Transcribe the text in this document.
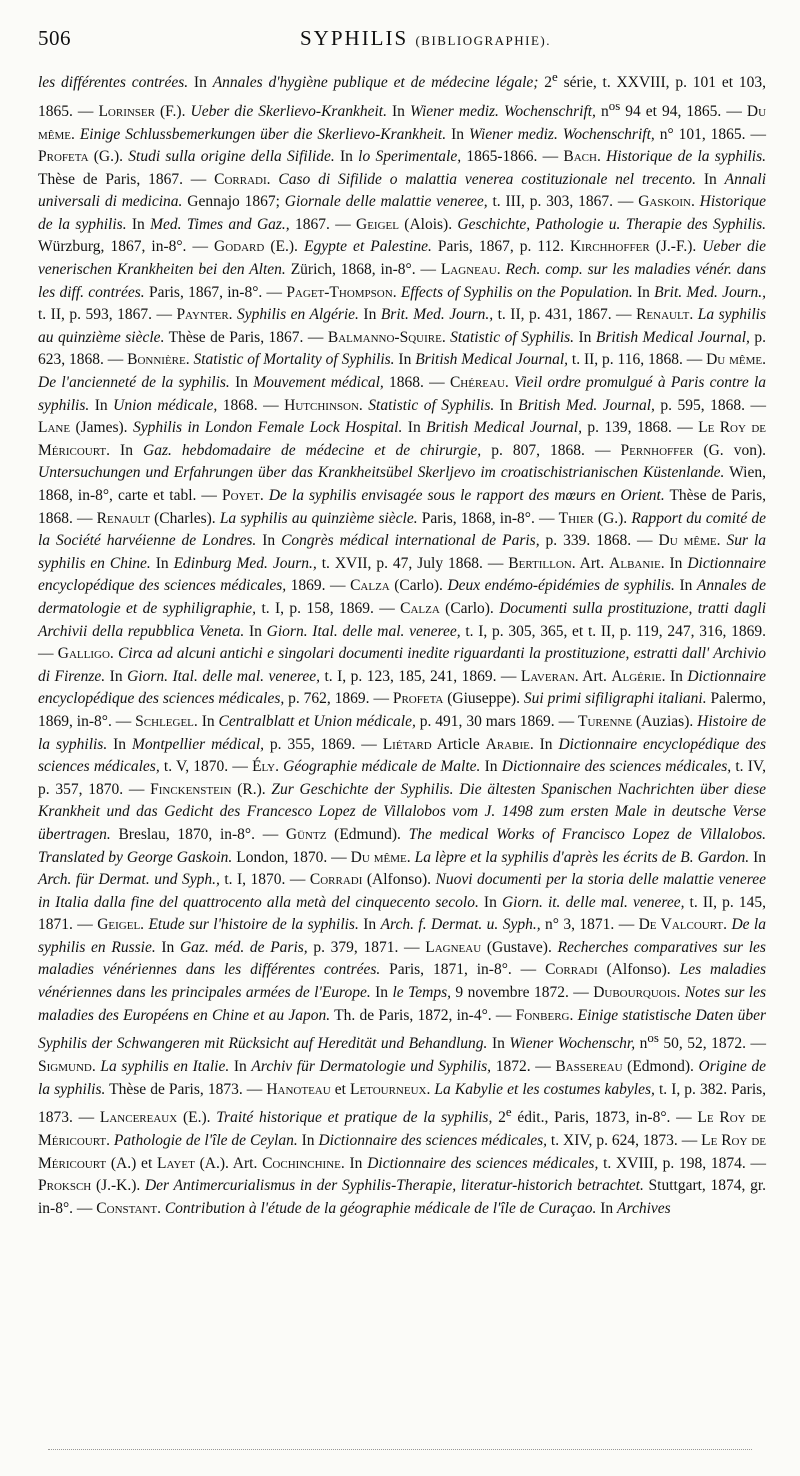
506	SYPHILIS (BIBLIOGRAPHIE).

les différentes contrées. In Annales d'hygiène publique et de médecine légale; 2e série, t. XXVIII, p. 101 et 103, 1865. — Lorinser (F.). Ueber die Skerlievo-Krankheit. In Wiener mediz. Wochenschrift, $n^{os}$ 94 et 94, 1865. — Du même. Einige Schlussbemerkungen über die Skerlievo-Krankheit. In Wiener mediz. Wochenschrift, n° 101, 1865. — Profeta (G.). Studi sulla origine della Sifilide. In lo Sperimentale, 1865-1866. — Bach. Historique de la syphilis. Thèse de Paris, 1867. — Corradi. Caso di Sifilide o malattia venerea costituzionale nel trecento. In Annali universali di medicina. Gennajo 1867; Giornale delle malattie veneree, t. III, p. 303, 1867. — Gaskoin. Historique de la syphilis. In Med. Times and Gaz., 1867. — Geigel (Alois). Geschichte, Pathologie u. Therapie des Syphilis. Würzburg, 1867, in-8°. — Godard (E.). Egypte et Palestine. Paris, 1867, p. 112. Kirchhoffer (J.-F.). Ueber die venerischen Krankheiten bei den Alten. Zürich, 1868, in-8°. — Lagneau. Rech. comp. sur les maladies vénér. dans les diff. contrées. Paris, 1867, in-8°. — Paget-Thompson. Effects of Syphilis on the Population. In Brit. Med. Journ., t. II, p. 593, 1867. — Paynter. Syphilis en Algérie. In Brit. Med. Journ., t. II, p. 431, 1867. — Renault. La syphilis au quinzième siècle. Thèse de Paris, 1867. — Balmanno-Squire. Statistic of Syphilis. In British Medical Journal, p. 623, 1868. — Bonnière. Statistic of Mortality of Syphilis. In British Medical Journal, t. II, p. 116, 1868. — Du même. De l'ancienneté de la syphilis. In Mouvement médical, 1868. — Chéreau. Vieil ordre promulgué à Paris contre la syphilis. In Union médicale, 1868. — Hutchinson. Statistic of Syphilis. In British Med. Journal, p. 595, 1868. — Lane (James). Syphilis in London Female Lock Hospital. In British Medical Journal, p. 139, 1868. — Le Roy de Méricourt. In Gaz. hebdomadaire de médecine et de chirurgie, p. 807, 1868. — Pernhoffer (G. von). Untersuchungen und Erfahrungen über das Krankheitsübel Skerljevo im croatischistrianischen Küstenlande. Wien, 1868, in-8°, carte et tabl. — Poyet. De la syphilis envisagée sous le rapport des mœurs en Orient. Thèse de Paris, 1868. — Renault (Charles). La syphilis au quinzième siècle. Paris, 1868, in-8°. — Thier (G.). Rapport du comité de la Société harvéienne de Londres. In Congrès médical international de Paris, p. 339. 1868. — Du même. Sur la syphilis en Chine. In Edinburg Med. Journ., t. XVII, p. 47, July 1868. — Bertillon. Art. Albanie. In Dictionnaire encyclopédique des sciences médicales, 1869. — Calza (Carlo). Deux endémo-épidémies de syphilis. In Annales de dermatologie et de syphiligraphie, t. I, p. 158, 1869. — Calza (Carlo). Documenti sulla prostituzione, tratti dagli Archivii della repubblica Veneta. In Giorn. Ital. delle mal. veneree, t. I, p. 305, 365, et t. II, p. 119, 247, 316, 1869. — Galligo. Circa ad alcuni antichi e singolari documenti inedite riguardanti la prostituzione, estratti dall' Archivio di Firenze. In Giorn. Ital. delle mal. veneree, t. I, p. 123, 185, 241, 1869. — Laveran. Art. Algérie. In Dictionnaire encyclopédique des sciences médicales, p. 762, 1869. — Profeta (Giuseppe). Sui primi sifiligraphi italiani. Palermo, 1869, in-8°. — Schlegel. In Centralblatt et Union médicale, p. 491, 30 mars 1869. — Turenne (Auzias). Histoire de la syphilis. In Montpellier médical, p. 355, 1869. — Liétard Article Arabie. In Dictionnaire encyclopédique des sciences médicales, t. V, 1870. — Ély. Géographie médicale de Malte. In Dictionnaire des sciences médicales, t. IV, p. 357, 1870. — Finckenstein (R.). Zur Geschichte der Syphilis. Die ältesten Spanischen Nachrichten über diese Krankheit und das Gedicht des Francesco Lopez de Villalobos vom J. 1498 zum ersten Male in deutsche Verse übertragen. Breslau, 1870, in-8°. — Güntz (Edmund). The medical Works of Francisco Lopez de Villalobos. Translated by George Gaskoin. London, 1870. — Du même. La lèpre et la syphilis d'après les écrits de B. Gardon. In Arch. für Dermat. und Syph., t. I, 1870. — Corradi (Alfonso). Nuovi documenti per la storia delle malattie veneree in Italia dalla fine del quattrocento alla metà del cinquecento secolo. In Giorn. it. delle mal. veneree, t. II, p. 145, 1871. — Geigel. Etude sur l'histoire de la syphilis. In Arch. f. Dermat. u. Syph., n° 3, 1871. — De Valcourt. De la syphilis en Russie. In Gaz. méd. de Paris, p. 379, 1871. — Lagneau (Gustave). Recherches comparatives sur les maladies vénériennes dans les différentes contrées. Paris, 1871, in-8°. — Corradi (Alfonso). Les maladies vénériennes dans les principales armées de l'Europe. In le Temps, 9 novembre 1872. — Dubourquois. Notes sur les maladies des Européens en Chine et au Japon. Th. de Paris, 1872, in-4°. — Fonberg. Einige statistische Daten über Syphilis der Schwangeren mit Rücksicht auf Heredität und Behandlung. In Wiener Wochenschr, $n^{os}$ 50, 52, 1872. — Sigmund. La syphilis en Italie. In Archiv für Dermatologie und Syphilis, 1872. — Bassereau (Edmond). Origine de la syphilis. Thèse de Paris, 1873. — Hanoteau et Letourneux. La Kabylie et les costumes kabyles, t. I, p. 382. Paris, 1873. — Lancereaux (E.). Traité historique et pratique de la syphilis, 2e édit., Paris, 1873, in-8°. — Le Roy de Méricourt. Pathologie de l'île de Ceylan. In Dictionnaire des sciences médicales, t. XIV, p. 624, 1873. — Le Roy de Méricourt (A.) et Layet (A.). Art. Cochinchine. In Dictionnaire des sciences médicales, t. XVIII, p. 198, 1874. — Proksch (J.-K.). Der Antimercurialismus in der Syphilis-Therapie, literatur-historich betrachtet. Stuttgart, 1874, gr. in-8°. — Constant. Contribution à l'étude de la géographie médicale de l'île de Curaçao. In Archives
